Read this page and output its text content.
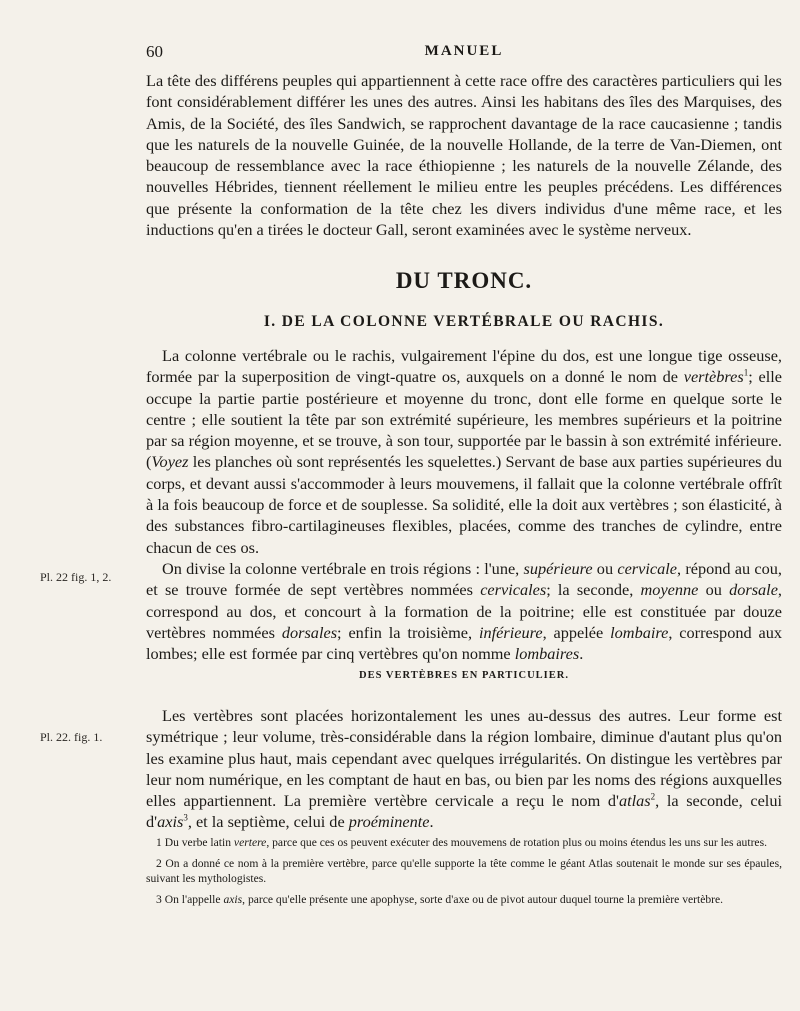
60	MANUEL

La tête des différens peuples qui appartiennent à cette race offre des caractères particuliers qui les font considérablement différer les unes des autres. Ainsi les habitans des îles des Marquises, des Amis, de la Société, des îles Sandwich, se rapprochent davantage de la race caucasienne ; tandis que les naturels de la nouvelle Guinée, de la nouvelle Hollande, de la terre de Van-Diemen, ont beaucoup de ressemblance avec la race éthiopienne ; les naturels de la nouvelle Zélande, des nouvelles Hébrides, tiennent réellement le milieu entre les peuples précédens. Les différences que présente la conformation de la tête chez les divers individus d'une même race, et les inductions qu'en a tirées le docteur Gall, seront examinées avec le système nerveux.

DU TRONC.
I. DE LA COLONNE VERTÉBRALE OU RACHIS.

La colonne vertébrale ou le rachis, vulgairement l'épine du dos, est une longue tige osseuse, formée par la superposition de vingt-quatre os, auxquels on a donné le nom de vertèbres$^1$; elle occupe la partie partie postérieure et moyenne du tronc, dont elle forme en quelque sorte le centre ; elle soutient la tête par son extrémité supérieure, les membres supérieurs et la poitrine par sa région moyenne, et se trouve, à son tour, supportée par le bassin à son extrémité inférieure. (Voyez les planches où sont représentés les squelettes.) Servant de base aux parties supérieures du corps, et devant aussi s'accommoder à leurs mouvemens, il fallait que la colonne vertébrale offrît à la fois beaucoup de force et de souplesse. Sa solidité, elle la doit aux vertèbres ; son élasticité, à des substances fibro-cartilagineuses flexibles, placées, comme des tranches de cylindre, entre chacun de ces os.

On divise la colonne vertébrale en trois régions : l'une, supérieure ou cervicale, répond au cou, et se trouve formée de sept vertèbres nommées cervicales; la seconde, moyenne ou dorsale, correspond au dos, et concourt à la formation de la poitrine; elle est constituée par douze vertèbres nommées dorsales; enfin la troisième, inférieure, appelée lombaire, correspond aux lombes; elle est formée par cinq vertèbres qu'on nomme lombaires.

DES VERTÈBRES EN PARTICULIER.

Les vertèbres sont placées horizontalement les unes au-dessus des autres. Leur forme est symétrique ; leur volume, très-considérable dans la région lombaire, diminue d'autant plus qu'on les examine plus haut, mais cependant avec quelques irrégularités. On distingue les vertèbres par leur nom numérique, en les comptant de haut en bas, ou bien par les noms des régions auxquelles elles appartiennent. La première vertèbre cervicale a reçu le nom d'atlas$^2$, la seconde, celui d'axis$^3$, et la septième, celui de proéminente.

Pl. 22 fig. 1, 2.
Pl. 22. fig. 1.

1 Du verbe latin vertere, parce que ces os peuvent exécuter des mouvemens de rotation plus ou moins étendus les uns sur les autres.

2 On a donné ce nom à la première vertèbre, parce qu'elle supporte la tête comme le géant Atlas soutenait le monde sur ses épaules, suivant les mythologistes.

3 On l'appelle axis, parce qu'elle présente une apophyse, sorte d'axe ou de pivot autour duquel tourne la première vertèbre.
